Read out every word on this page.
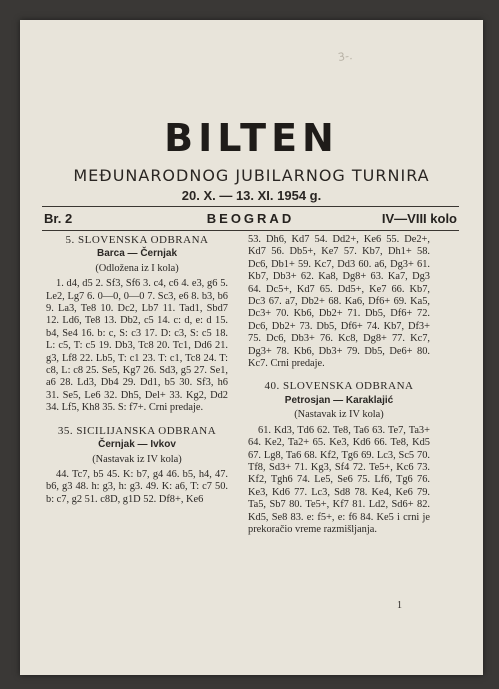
3-.
BILTEN
MEĐUNARODNOG JUBILARNOG TURNIRA
20. X. — 13. XI. 1954 g.
Br. 2	BEOGRAD	IV—VIII kolo
5. SLOVENSKA ODBRANA
Barca — Černjak
(Odložena iz I kola)

1. d4, d5 2. Sf3, Sf6 3. c4, c6 4. e3, g6 5. Le2, Lg7 6. 0—0, 0—0 7. Sc3, e6 8. b3, b6 9. La3, Te8 10. Dc2, Lb7 11. Tad1, Sbd7 12. Ld6, Te8 13. Db2, c5 14. c: d, e: d 15. b4, Se4 16. b: c, S: c3 17. D: c3, S: c5 18. L: c5, T: c5 19. Db3, Tc8 20. Tc1, Dd6 21. g3, Lf8 22. Lb5, T: c1 23. T: c1, Tc8 24. T: c8, L: c8 25. Se5, Kg7 26. Sd3, g5 27. Se1, a6 28. Ld3, Db4 29. Dd1, b5 30. Sf3, h6 31. Se5, Le6 32. Dh5, Del+ 33. Kg2, Dd2 34. Lf5, Kh8 35. S: f7+. Crni predaje.

35. SICILIJANSKA ODBRANA
Černjak — Ivkov
(Nastavak iz IV kola)

44. Tc7, b5 45. K: b7, g4 46. b5, h4, 47. b6, g3 48. h: g3, h: g3. 49. K: a6, T: c7 50. b: c7, g2 51. c8D, g1D 52. Df8+, Ke6

53. Dh6, Kd7 54. Dd2+, Ke6 55. De2+, Kd7 56. Db5+, Ke7 57. Kb7, Dh1+ 58. Dc6, Db1+ 59. Kc7, Dd3 60. a6, Dg3+ 61. Kb7, Db3+ 62. Ka8, Dg8+ 63. Ka7, Dg3 64. Dc5+, Kd7 65. Dd5+, Ke7 66. Kb7, Dc3 67. a7, Db2+ 68. Ka6, Df6+ 69. Ka5, Dc3+ 70. Kb6, Db2+ 71. Db5, Df6+ 72. Dc6, Db2+ 73. Db5, Df6+ 74. Kb7, Df3+ 75. Dc6, Db3+ 76. Kc8, Dg8+ 77. Kc7, Dg3+ 78. Kb6, Db3+ 79. Db5, De6+ 80. Kc7. Crni predaje.

40. SLOVENSKA ODBRANA
Petrosjan — Karaklajić
(Nastavak iz IV kola)

61. Kd3, Td6 62. Te8, Ta6 63. Te7, Ta3+ 64. Ke2, Ta2+ 65. Ke3, Kd6 66. Te8, Kd5 67. Lg8, Ta6 68. Kf2, Tg6 69. Lc3, Sc5 70. Tf8, Sd3+ 71. Kg3, Sf4 72. Te5+, Kc6 73. Kf2, Tgh6 74. Le5, Se6 75. Lf6, Tg6 76. Ke3, Kd6 77. Lc3, Sd8 78. Ke4, Ke6 79. Ta5, Sb7 80. Te5+, Kf7 81. Ld2, Sd6+ 82. Kd5, Se8 83. e: f5+, e: f6 84. Ke5 i crni je prekoračio vreme razmišljanja.

1
